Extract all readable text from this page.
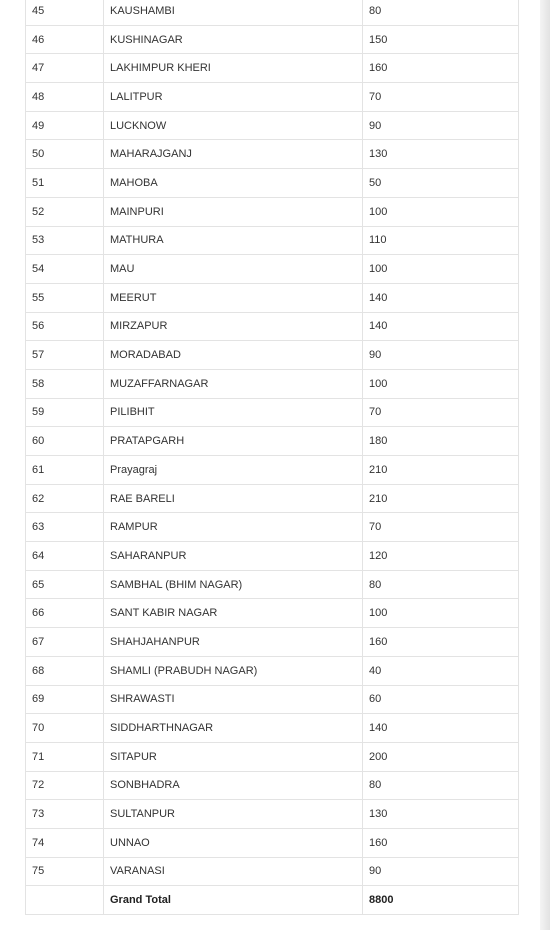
45	KAUSHAMBI	80
46	KUSHINAGAR	150
47	LAKHIMPUR KHERI	160
48	LALITPUR	70
49	LUCKNOW	90
50	MAHARAJGANJ	130
51	MAHOBA	50
52	MAINPURI	100
53	MATHURA	110
54	MAU	100
55	MEERUT	140
56	MIRZAPUR	140
57	MORADABAD	90
58	MUZAFFARNAGAR	100
59	PILIBHIT	70
60	PRATAPGARH	180
61	Prayagraj	210
62	RAE BARELI	210
63	RAMPUR	70
64	SAHARANPUR	120
65	SAMBHAL (BHIM NAGAR)	80
66	SANT KABIR NAGAR	100
67	SHAHJAHANPUR	160
68	SHAMLI (PRABUDH NAGAR)	40
69	SHRAWASTI	60
70	SIDDHARTHNAGAR	140
71	SITAPUR	200
72	SONBHADRA	80
73	SULTANPUR	130
74	UNNAO	160
75	VARANASI	90
	Grand Total	8800
